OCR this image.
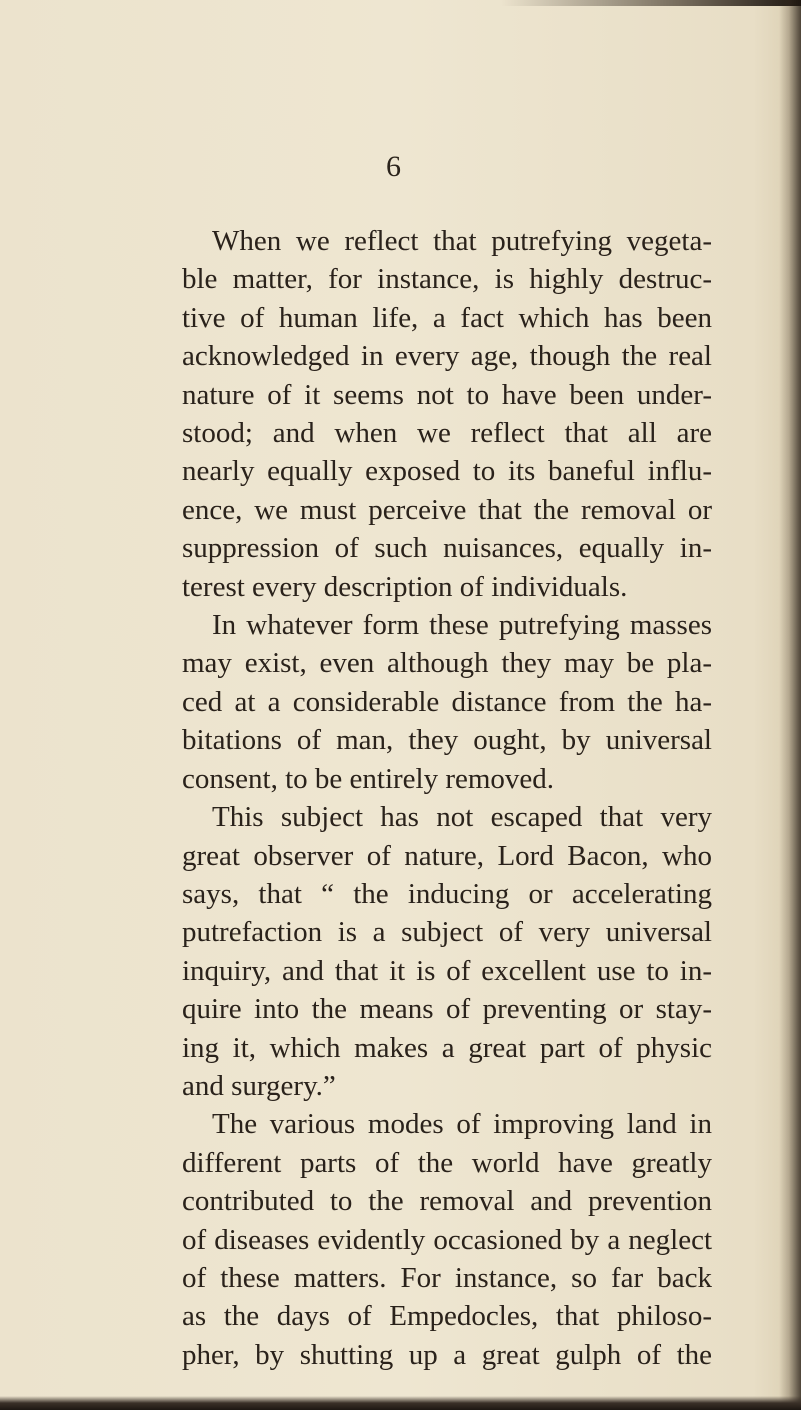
6
When we reflect that putrefying vegeta-
ble matter, for instance, is highly destruc-
tive of human life, a fact which has been
acknowledged in every age, though the real
nature of it seems not to have been under-
stood; and when we reflect that all are
nearly equally exposed to its baneful influ-
ence, we must perceive that the removal or
suppression of such nuisances, equally in-
terest every description of individuals.
In whatever form these putrefying masses
may exist, even although they may be pla-
ced at a considerable distance from the ha-
bitations of man, they ought, by universal
consent, to be entirely removed.
This subject has not escaped that very
great observer of nature, Lord Bacon, who
says, that “ the inducing or accelerating
putrefaction is a subject of very universal
inquiry, and that it is of excellent use to in-
quire into the means of preventing or stay-
ing it, which makes a great part of physic
and surgery.”
The various modes of improving land in
different parts of the world have greatly
contributed to the removal and prevention
of diseases evidently occasioned by a neglect
of these matters. For instance, so far back
as the days of Empedocles, that philoso-
pher, by shutting up a great gulph of the
